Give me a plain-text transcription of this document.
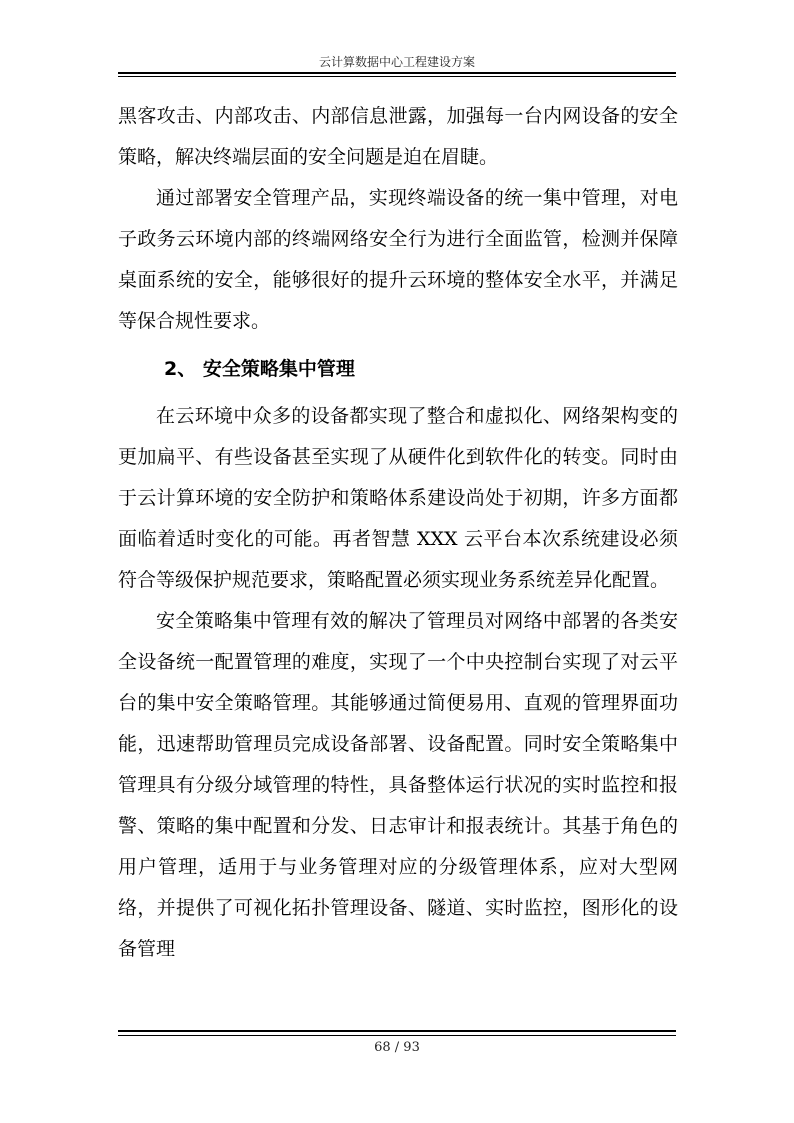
云计算数据中心工程建设方案

黑客攻击、内部攻击、内部信息泄露，加强每一台内网设备的安全策略，解决终端层面的安全问题是迫在眉睫。

通过部署安全管理产品，实现终端设备的统一集中管理，对电子政务云环境内部的终端网络安全行为进行全面监管，检测并保障桌面系统的安全，能够很好的提升云环境的整体安全水平，并满足等保合规性要求。

2、 安全策略集中管理

在云环境中众多的设备都实现了整合和虚拟化、网络架构变的更加扁平、有些设备甚至实现了从硬件化到软件化的转变。同时由于云计算环境的安全防护和策略体系建设尚处于初期，许多方面都面临着适时变化的可能。再者智慧 XXX 云平台本次系统建设必须符合等级保护规范要求，策略配置必须实现业务系统差异化配置。

安全策略集中管理有效的解决了管理员对网络中部署的各类安全设备统一配置管理的难度，实现了一个中央控制台实现了对云平台的集中安全策略管理。其能够通过简便易用、直观的管理界面功能，迅速帮助管理员完成设备部署、设备配置。同时安全策略集中管理具有分级分域管理的特性，具备整体运行状况的实时监控和报警、策略的集中配置和分发、日志审计和报表统计。其基于角色的用户管理，适用于与业务管理对应的分级管理体系，应对大型网络，并提供了可视化拓扑管理设备、隧道、实时监控，图形化的设备管理

68 / 93
